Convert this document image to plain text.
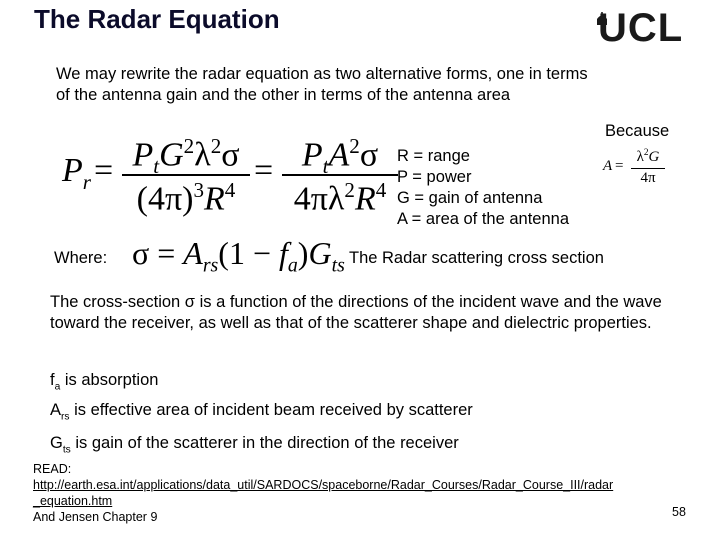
The Radar Equation	UCL
We may rewrite the radar equation as two alternative forms, one in terms of the antenna gain and the other in terms of the antenna area
$P_r = P_tG^2\lambda^2\sigma$
$(4\pi)^3R^4$
= $P_tA^2\sigma$
$4\pi\lambda^2R^4$
R = range
P = power
G = gain of antenna
A = area of the antenna
Because
A =
$\lambda^2G$
4π
Where: $\sigma = A_{rs}(1 - f_a)G_{ts}$ The Radar scattering cross section
The cross-section σ is a function of the directions of the incident wave and the wave toward the receiver, as well as that of the scatterer shape and dielectric properties.
$f_a$ is absorption
$A_{rs}$ is effective area of incident beam received by scatterer
$G_{ts}$ is gain of the scatterer in the direction of the receiver
READ:
http://earth.esa.int/applications/data_util/SARDOCS/spaceborne/Radar_Courses/Radar_Course_III/radar
_equation.htm
And Jensen Chapter 9	58
